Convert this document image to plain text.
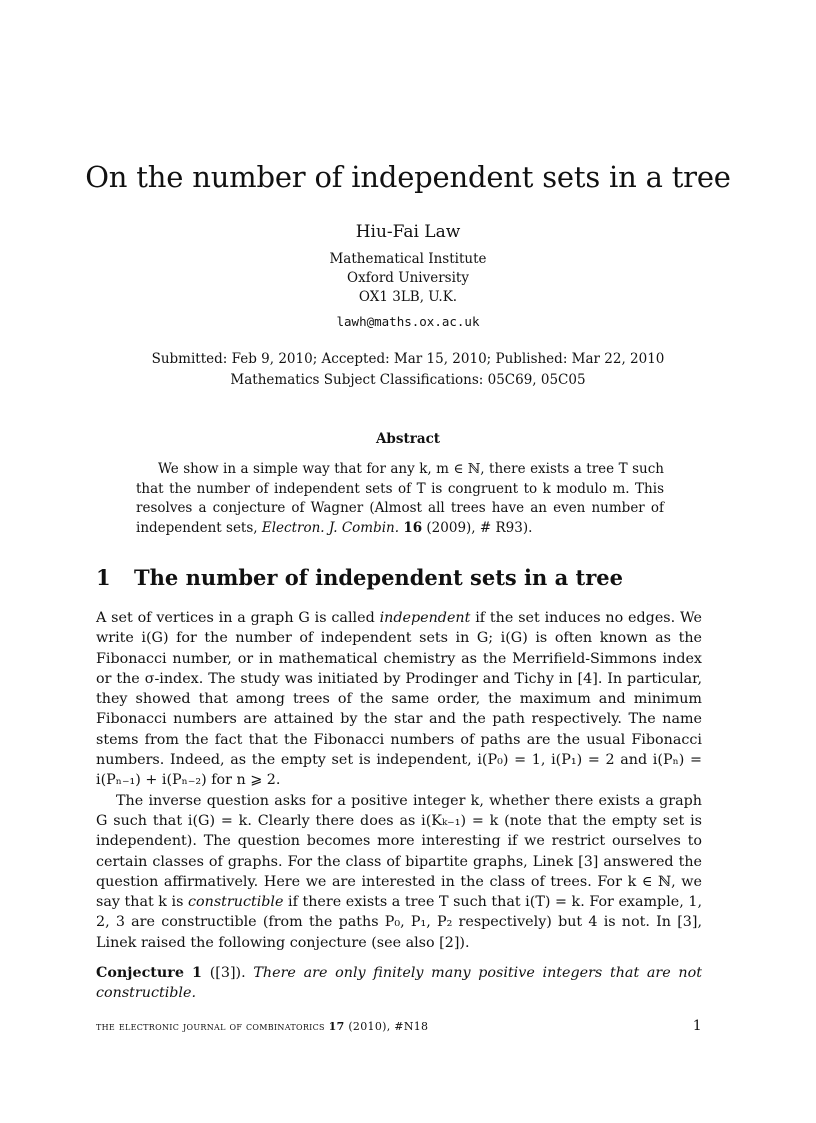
On the number of independent sets in a tree
Hiu-Fai Law
Mathematical Institute
Oxford University
OX1 3LB, U.K.
lawh@maths.ox.ac.uk
Submitted: Feb 9, 2010; Accepted: Mar 15, 2010; Published: Mar 22, 2010
Mathematics Subject Classifications: 05C69, 05C05
Abstract
We show in a simple way that for any k, m ∈ ℕ, there exists a tree T such that the number of independent sets of T is congruent to k modulo m. This resolves a conjecture of Wagner (Almost all trees have an even number of independent sets, Electron. J. Combin. 16 (2009), # R93).
1 The number of independent sets in a tree

A set of vertices in a graph G is called independent if the set induces no edges. We write i(G) for the number of independent sets in G; i(G) is often known as the Fibonacci number, or in mathematical chemistry as the Merrifield-Simmons index or the σ-index. The study was initiated by Prodinger and Tichy in [4]. In particular, they showed that among trees of the same order, the maximum and minimum Fibonacci numbers are attained by the star and the path respectively. The name stems from the fact that the Fibonacci numbers of paths are the usual Fibonacci numbers. Indeed, as the empty set is independent, i(P₀) = 1, i(P₁) = 2 and i(Pₙ) = i(Pₙ₋₁) + i(Pₙ₋₂) for n ⩾ 2.

The inverse question asks for a positive integer k, whether there exists a graph G such that i(G) = k. Clearly there does as i(Kₖ₋₁) = k (note that the empty set is independent). The question becomes more interesting if we restrict ourselves to certain classes of graphs. For the class of bipartite graphs, Linek [3] answered the question affirmatively. Here we are interested in the class of trees. For k ∈ ℕ, we say that k is constructible if there exists a tree T such that i(T) = k. For example, 1, 2, 3 are constructible (from the paths P₀, P₁, P₂ respectively) but 4 is not. In [3], Linek raised the following conjecture (see also [2]).

Conjecture 1 ([3]). There are only finitely many positive integers that are not constructible.

the electronic journal of combinatorics 17 (2010), #N18	1
